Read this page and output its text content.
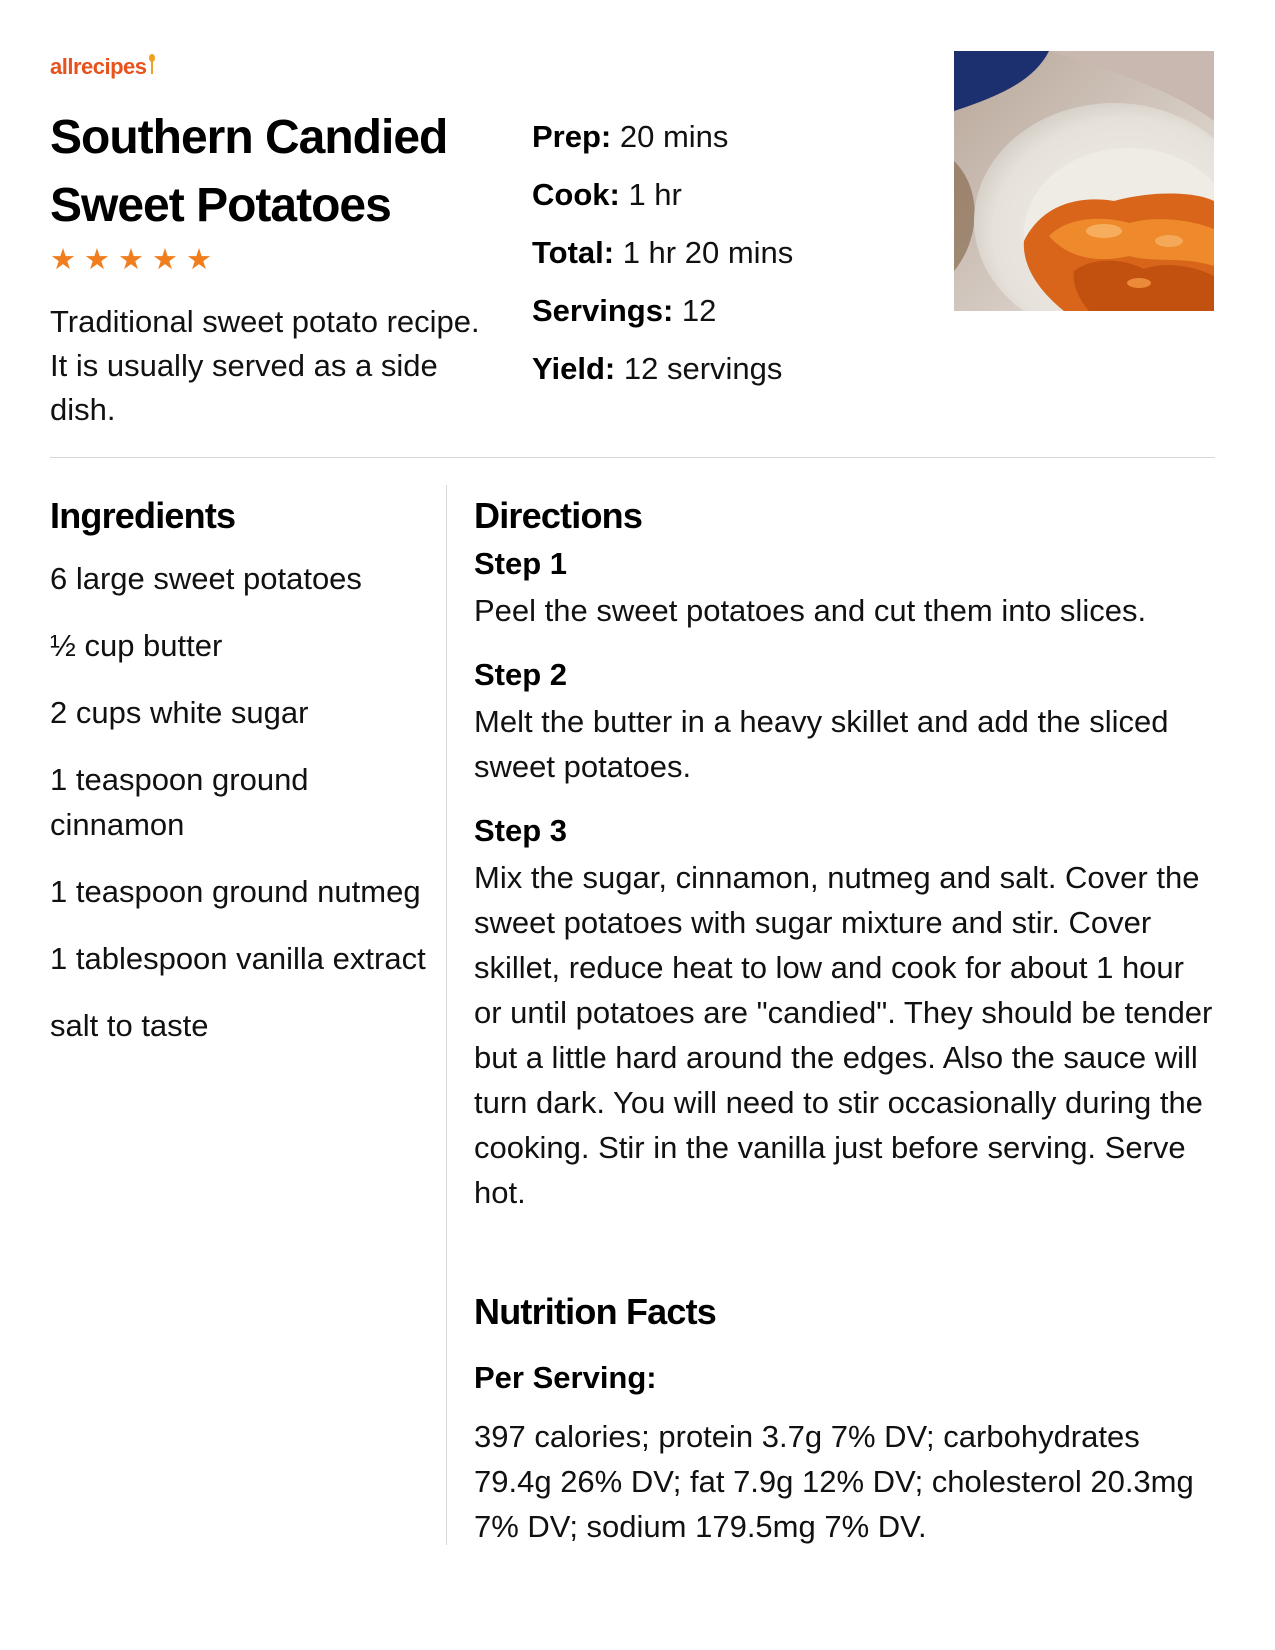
allrecipes
Southern Candied Sweet Potatoes
★ ★ ★ ★ ★

Traditional sweet potato recipe. It is usually served as a side dish.

Prep: 20 mins
Cook: 1 hr
Total: 1 hr 20 mins
Servings: 12
Yield: 12 servings
Ingredients
6 large sweet potatoes
½ cup butter
2 cups white sugar
1 teaspoon ground cinnamon
1 teaspoon ground nutmeg
1 tablespoon vanilla extract
salt to taste
Directions

Step 1

Peel the sweet potatoes and cut them into slices.

Step 2

Melt the butter in a heavy skillet and add the sliced sweet potatoes.

Step 3

Mix the sugar, cinnamon, nutmeg and salt. Cover the sweet potatoes with sugar mixture and stir. Cover skillet, reduce heat to low and cook for about 1 hour or until potatoes are "candied". They should be tender but a little hard around the edges. Also the sauce will turn dark. You will need to stir occasionally during the cooking. Stir in the vanilla just before serving. Serve hot.

Nutrition Facts

Per Serving:

397 calories; protein 3.7g 7% DV; carbohydrates 79.4g 26% DV; fat 7.9g 12% DV; cholesterol 20.3mg 7% DV; sodium 179.5mg 7% DV.
